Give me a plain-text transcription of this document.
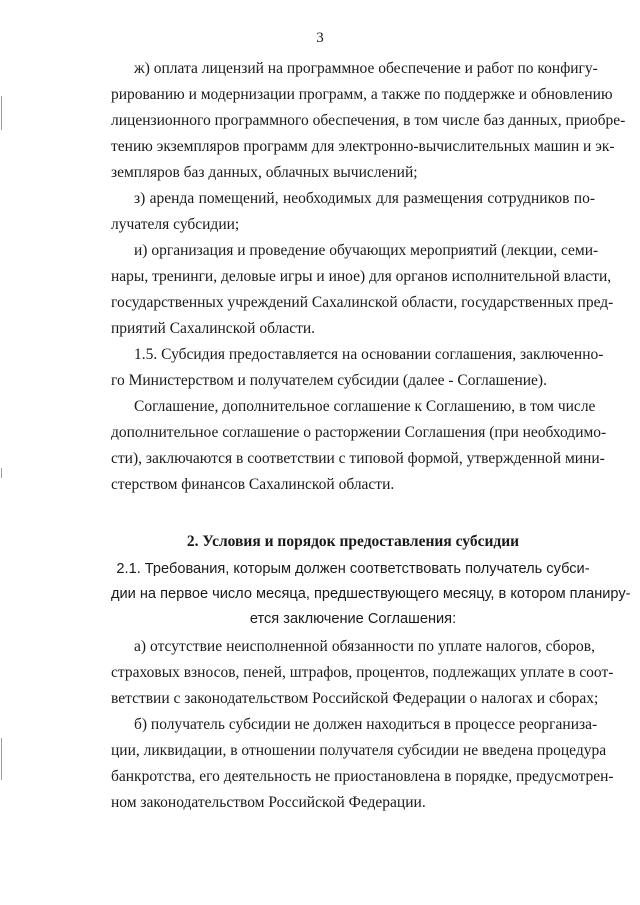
3
ж) оплата лицензий на программное обеспечение и работ по конфигу-
рированию и модернизации программ, а также по поддержке и обновлению
лицензионного программного обеспечения, в том числе баз данных, приобре-
тению экземпляров программ для электронно-вычислительных машин и эк-
земпляров баз данных, облачных вычислений;
з) аренда помещений, необходимых для размещения сотрудников по-
лучателя субсидии;
и) организация и проведение обучающих мероприятий (лекции, семи-
нары, тренинги, деловые игры и иное) для органов исполнительной власти,
государственных учреждений Сахалинской области, государственных пред-
приятий Сахалинской области.
1.5. Субсидия предоставляется на основании соглашения, заключенно-
го Министерством и получателем субсидии (далее - Соглашение).
Соглашение, дополнительное соглашение к Соглашению, в том числе
дополнительное соглашение о расторжении Соглашения (при необходимо-
сти), заключаются в соответствии с типовой формой, утвержденной мини-
стерством финансов Сахалинской области.
2. Условия и порядок предоставления субсидии
2.1. Требования, которым должен соответствовать получатель субси-
дии на первое число месяца, предшествующего месяцу, в котором планиру-
ется заключение Соглашения:
а) отсутствие неисполненной обязанности по уплате налогов, сборов,
страховых взносов, пеней, штрафов, процентов, подлежащих уплате в соот-
ветствии с законодательством Российской Федерации о налогах и сборах;
б) получатель субсидии не должен находиться в процессе реорганиза-
ции, ликвидации, в отношении получателя субсидии не введена процедура
банкротства, его деятельность не приостановлена в порядке, предусмотрен-
ном законодательством Российской Федерации.
